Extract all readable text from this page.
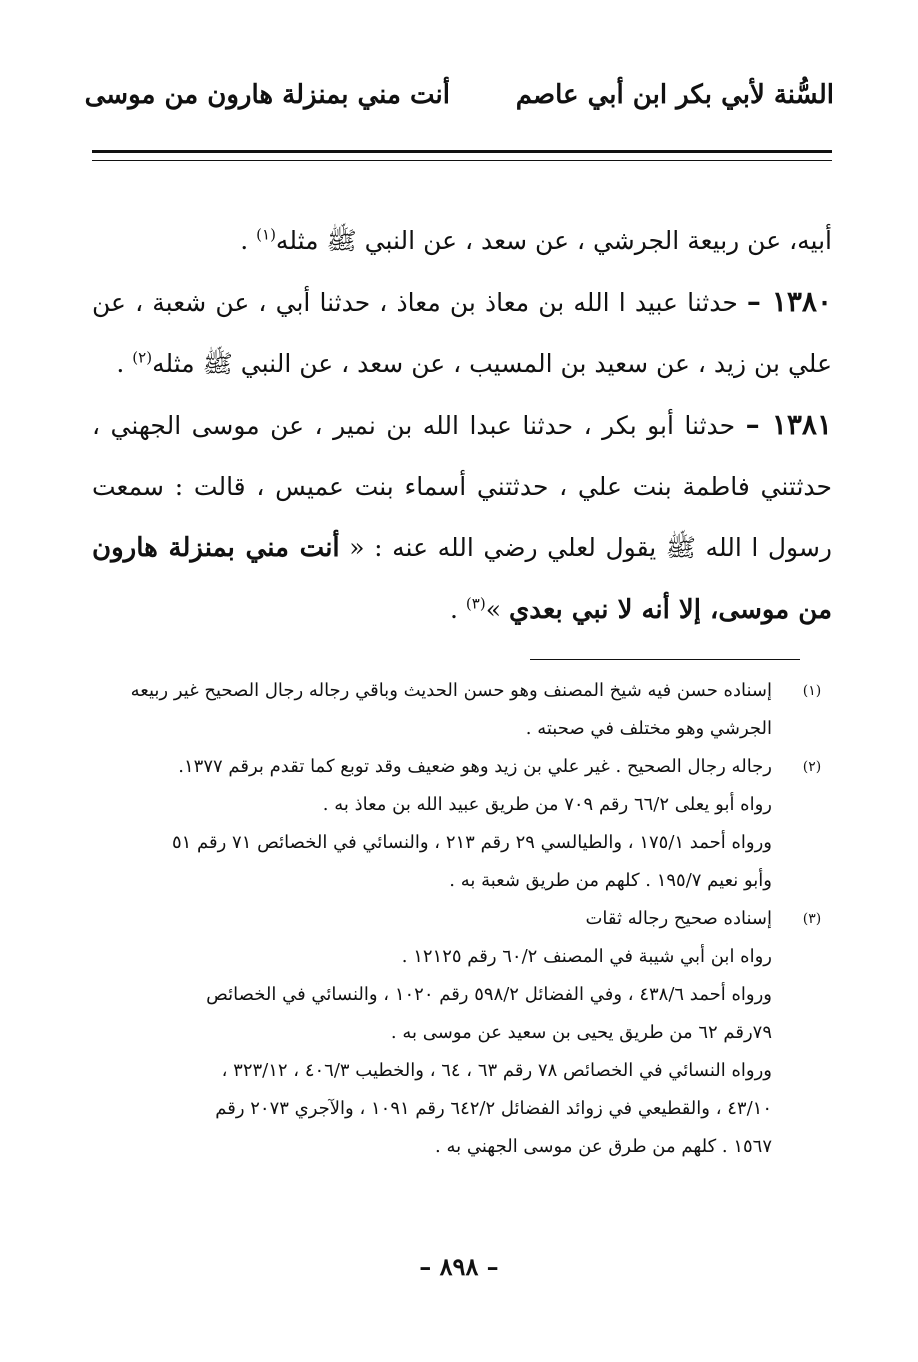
السُّنة لأبي بكر ابن أبي عاصم
أنت مني بمنزلة هارون من موسى

أبيه، عن ربيعة الجرشي ، عن سعد ، عن النبي ﷺ مثله$^{(١)}$ .

١٣٨٠ – حدثنا عبيد ا الله بن معاذ بن معاذ ، حدثنا أبي ، عن شعبة ، عن علي بن زيد ، عن سعيد بن المسيب ، عن سعد ، عن النبي ﷺ مثله$^{(٢)}$ .

١٣٨١ – حدثنا أبو بكر ، حدثنا عبدا الله بن نمير ، عن موسى الجهني ، حدثتني فاطمة بنت علي ، حدثتني أسماء بنت عميس ، قالت : سمعت رسول ا الله ﷺ يقول لعلي رضي الله عنه : « أنت مني بمنزلة هارون من موسى، إلا أنه لا نبي بعدي »$^{(٣)}$ .

(١)
إسناده حسن فيه شيخ المصنف وهو حسن الحديث وباقي رجاله رجال الصحيح غير ربيعه
الجرشي وهو مختلف في صحبته .
(٢)
رجاله رجال الصحيح . غير علي بن زيد وهو ضعيف وقد توبع كما تقدم برقم ١٣٧٧.
رواه أبو يعلى ٦٦/٢ رقم ٧٠٩ من طريق عبيد الله بن معاذ به .
ورواه أحمد ١٧٥/١ ، والطيالسي ٢٩ رقم ٢١٣ ، والنسائي في الخصائص ٧١ رقم ٥١
وأبو نعيم ١٩٥/٧ . كلهم من طريق شعبة به .
(٣)
إسناده صحيح رجاله ثقات
رواه ابن أبي شيبة في المصنف ٦٠/٢ رقم ١٢١٢٥ .
ورواه أحمد ٤٣٨/٦ ، وفي الفضائل ٥٩٨/٢ رقم ١٠٢٠ ، والنسائي في الخصائص
٧٩رقم ٦٢ من طريق يحيى بن سعيد عن موسى به .
ورواه النسائي في الخصائص ٧٨ رقم ٦٣ ، ٦٤ ، والخطيب ٤٠٦/٣ ، ٣٢٣/١٢ ،
٤٣/١٠ ، والقطيعي في زوائد الفضائل ٦٤٢/٢ رقم ١٠٩١ ، والآجري ٢٠٧٣ رقم
١٥٦٧ . كلهم من طرق عن موسى الجهني به .
– ٨٩٨ –
